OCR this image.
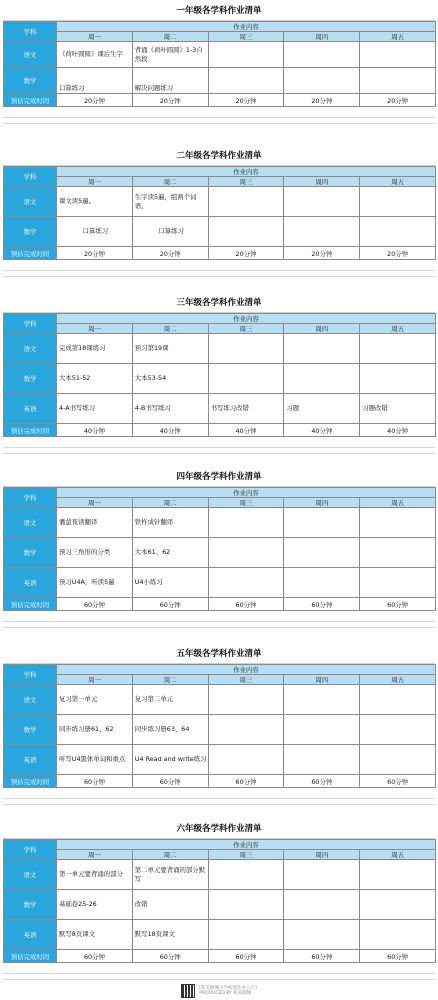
一年级各学科作业清单
学科	作业内容				
	周一	周二	周三	周四	周五
语文	《荷叶圆圆》课后生字	背诵《荷叶圆圆》1-3自然段			
数学	口算练习	解决问题练习			
预估完成时间	20分钟	20分钟	20分钟	20分钟	20分钟
二年级各学科作业清单
学科	作业内容				
	周一	周二	周三	周四	周五
语文	课文读5遍。	生字读5遍，组两个词语。			
数学	口算练习	口算练习			
预估完成时间	20分钟	20分钟	20分钟	20分钟	20分钟
三年级各学科作业清单
学科	作业内容				
	周一	周二	周三	周四	周五
语文	完成第18课练习	预习第19课			
数学	大本51-52	大本53-54			
英语	4-A书写练习	4-B书写练习	书写练习改错	习题	习题改错
预估完成时间	40分钟	40分钟	40分钟	40分钟	40分钟
四年级各学科作业清单
学科	作业内容				
	周一	周二	周三	周四	周五
语文	囊萤夜读翻译	铁杵成针翻译			
数学	预习三角形的分类	大本61、62			
英语	预习U4A，听读5遍	U4小练习			
预估完成时间	60分钟	60分钟	60分钟	60分钟	60分钟
五年级各学科作业清单
学科	作业内容				
	周一	周二	周三	周四	周五
语文	复习第一单元	复习第二单元			
数学	同步练习册61、62	同步练习册63、64			
英语	听写U4黑体单词和重点	U4 Read and write练习			
预估完成时间	60分钟	60分钟	60分钟	60分钟	60分钟
六年级各学科作业清单
学科	作业内容				
	周一	周二	周三	周四	周五
语文	第一单元要背诵的部分	第二单元要背诵的部分默写			
数学	基础卷25-26	改错			
英语	默写8页课文	默写18页课文			
预估完成时间	60分钟	60分钟	60分钟	60分钟	60分钟
[和美郾城小学校園作业公示]
PRODUCED BY 和美郾城
